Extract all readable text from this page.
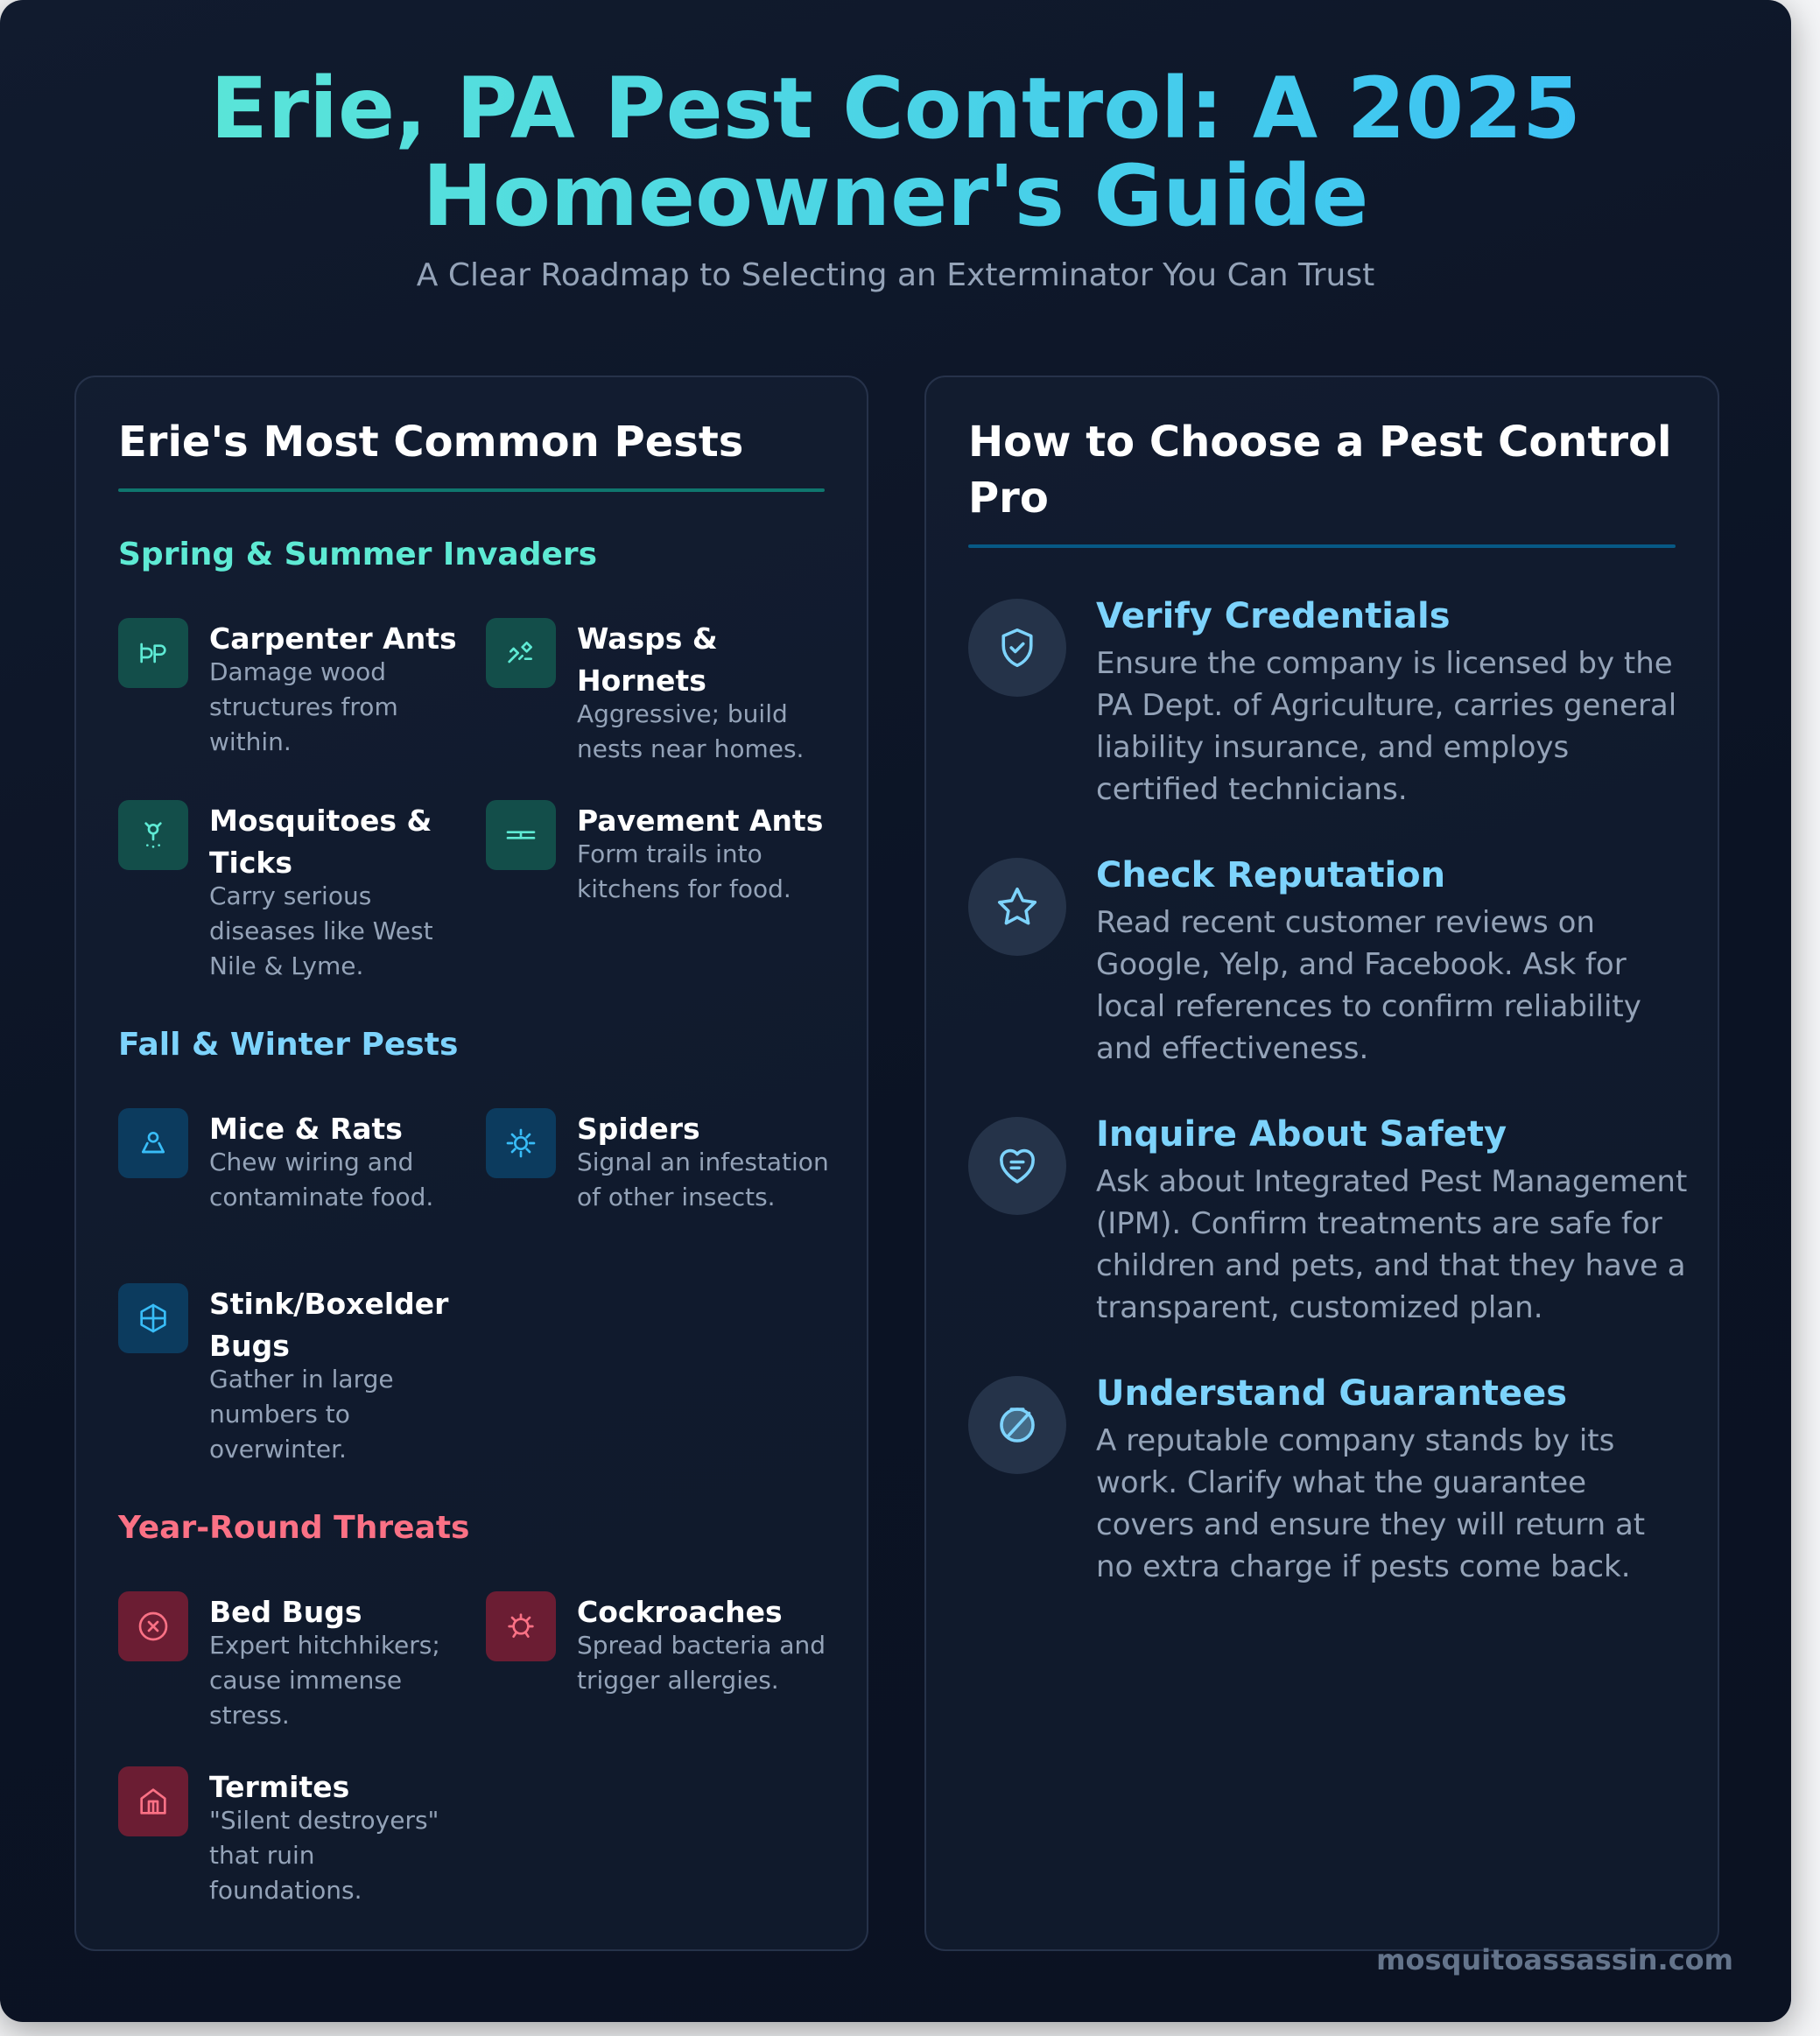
Erie, PA Pest Control: A 2025
Homeowner's Guide
A Clear Roadmap to Selecting an Exterminator You Can Trust
Erie's Most Common Pests
Spring & Summer Invaders
Carpenter Ants
Damage wood structures from within.
Wasps & Hornets
Aggressive; build nests near homes.
Mosquitoes & Ticks
Carry serious diseases like West Nile & Lyme.
Pavement Ants
Form trails into kitchens for food.
Fall & Winter Pests
Mice & Rats
Chew wiring and contaminate food.
Spiders
Signal an infestation of other insects.
Stink/Boxelder Bugs
Gather in large numbers to overwinter.
Year-Round Threats
Bed Bugs
Expert hitchhikers; cause immense stress.
Cockroaches
Spread bacteria and trigger allergies.
Termites
"Silent destroyers" that ruin foundations.
How to Choose a Pest Control Pro
Verify Credentials
Ensure the company is licensed by the PA Dept. of Agriculture, carries general liability insurance, and employs certified technicians.
Check Reputation
Read recent customer reviews on Google, Yelp, and Facebook. Ask for local references to confirm reliability and effectiveness.
Inquire About Safety
Ask about Integrated Pest Management (IPM). Confirm treatments are safe for children and pets, and that they have a transparent, customized plan.
Understand Guarantees
A reputable company stands by its work. Clarify what the guarantee covers and ensure they will return at no extra charge if pests come back.
mosquitoassassin.com
